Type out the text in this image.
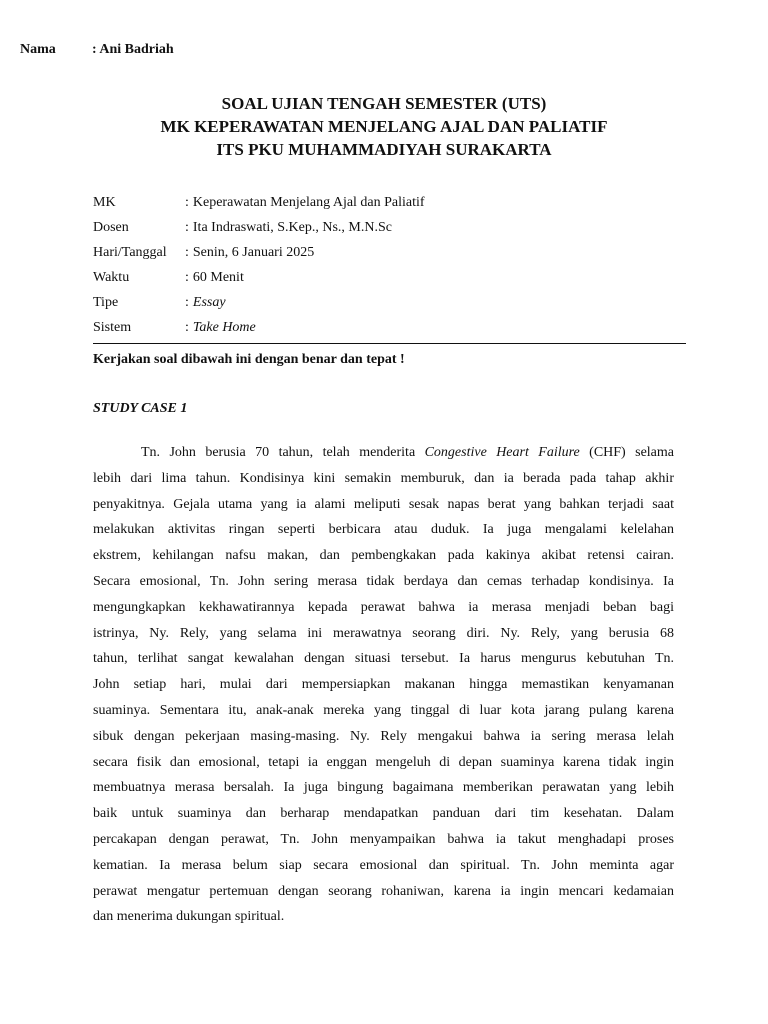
Nama	: Ani Badriah
SOAL UJIAN TENGAH SEMESTER (UTS)
MK KEPERAWATAN MENJELANG AJAL DAN PALIATIF
ITS PKU MUHAMMADIYAH SURAKARTA
MK	: Keperawatan Menjelang Ajal dan Paliatif
Dosen	: Ita Indraswati, S.Kep., Ns., M.N.Sc
Hari/Tanggal : Senin, 6 Januari 2025
Waktu	: 60 Menit
Tipe	: Essay
Sistem	: Take Home
Kerjakan soal dibawah ini dengan benar dan tepat !
STUDY CASE 1
Tn. John berusia 70 tahun, telah menderita Congestive Heart Failure (CHF) selama
lebih dari lima tahun. Kondisinya kini semakin memburuk, dan ia berada pada tahap akhir
penyakitnya. Gejala utama yang ia alami meliputi sesak napas berat yang bahkan terjadi saat
melakukan aktivitas ringan seperti berbicara atau duduk. Ia juga mengalami kelelahan
ekstrem, kehilangan nafsu makan, dan pembengkakan pada kakinya akibat retensi cairan.
Secara emosional, Tn. John sering merasa tidak berdaya dan cemas terhadap kondisinya. Ia
mengungkapkan kekhawatirannya kepada perawat bahwa ia merasa menjadi beban bagi
istrinya, Ny. Rely, yang selama ini merawatnya seorang diri. Ny. Rely, yang berusia 68
tahun, terlihat sangat kewalahan dengan situasi tersebut. Ia harus mengurus kebutuhan Tn.
John setiap hari, mulai dari mempersiapkan makanan hingga memastikan kenyamanan
suaminya. Sementara itu, anak-anak mereka yang tinggal di luar kota jarang pulang karena
sibuk dengan pekerjaan masing-masing. Ny. Rely mengakui bahwa ia sering merasa lelah
secara fisik dan emosional, tetapi ia enggan mengeluh di depan suaminya karena tidak ingin
membuatnya merasa bersalah. Ia juga bingung bagaimana memberikan perawatan yang lebih
baik untuk suaminya dan berharap mendapatkan panduan dari tim kesehatan. Dalam
percakapan dengan perawat, Tn. John menyampaikan bahwa ia takut menghadapi proses
kematian. Ia merasa belum siap secara emosional dan spiritual. Tn. John meminta agar
perawat mengatur pertemuan dengan seorang rohaniwan, karena ia ingin mencari kedamaian
dan menerima dukungan spiritual.
